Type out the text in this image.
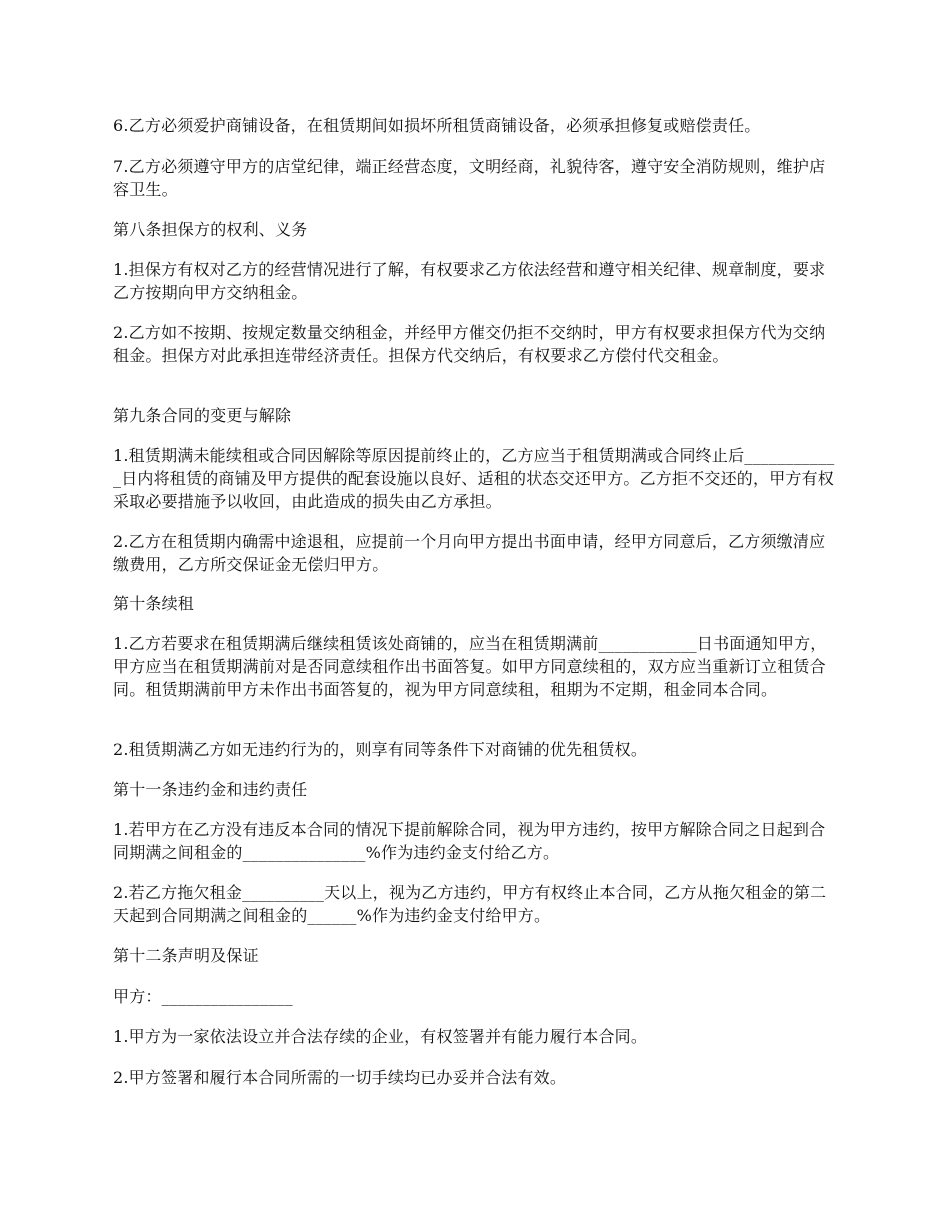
6.乙方必须爱护商铺设备，在租赁期间如损坏所租赁商铺设备，必须承担修复或赔偿责任。

7.乙方必须遵守甲方的店堂纪律，端正经营态度，文明经商，礼貌待客，遵守安全消防规则，维护店容卫生。

第八条担保方的权利、义务

1.担保方有权对乙方的经营情况进行了解，有权要求乙方依法经营和遵守相关纪律、规章制度，要求乙方按期向甲方交纳租金。

2.乙方如不按期、按规定数量交纳租金，并经甲方催交仍拒不交纳时，甲方有权要求担保方代为交纳租金。担保方对此承担连带经济责任。担保方代交纳后，有权要求乙方偿付代交租金。

第九条合同的变更与解除

1.租赁期满未能续租或合同因解除等原因提前终止的，乙方应当于租赁期满或合同终止后____________日内将租赁的商铺及甲方提供的配套设施以良好、适租的状态交还甲方。乙方拒不交还的，甲方有权采取必要措施予以收回，由此造成的损失由乙方承担。

2.乙方在租赁期内确需中途退租，应提前一个月向甲方提出书面申请，经甲方同意后，乙方须缴清应缴费用，乙方所交保证金无偿归甲方。

第十条续租

1.乙方若要求在租赁期满后继续租赁该处商铺的，应当在租赁期满前____________日书面通知甲方，甲方应当在租赁期满前对是否同意续租作出书面答复。如甲方同意续租的，双方应当重新订立租赁合同。租赁期满前甲方未作出书面答复的，视为甲方同意续租，租期为不定期，租金同本合同。

2.租赁期满乙方如无违约行为的，则享有同等条件下对商铺的优先租赁权。

第十一条违约金和违约责任

1.若甲方在乙方没有违反本合同的情况下提前解除合同，视为甲方违约，按甲方解除合同之日起到合同期满之间租金的_______________%作为违约金支付给乙方。

2.若乙方拖欠租金__________天以上，视为乙方违约，甲方有权终止本合同，乙方从拖欠租金的第二天起到合同期满之间租金的______%作为违约金支付给甲方。

第十二条声明及保证

甲方：________________

1.甲方为一家依法设立并合法存续的企业，有权签署并有能力履行本合同。

2.甲方签署和履行本合同所需的一切手续均已办妥并合法有效。
